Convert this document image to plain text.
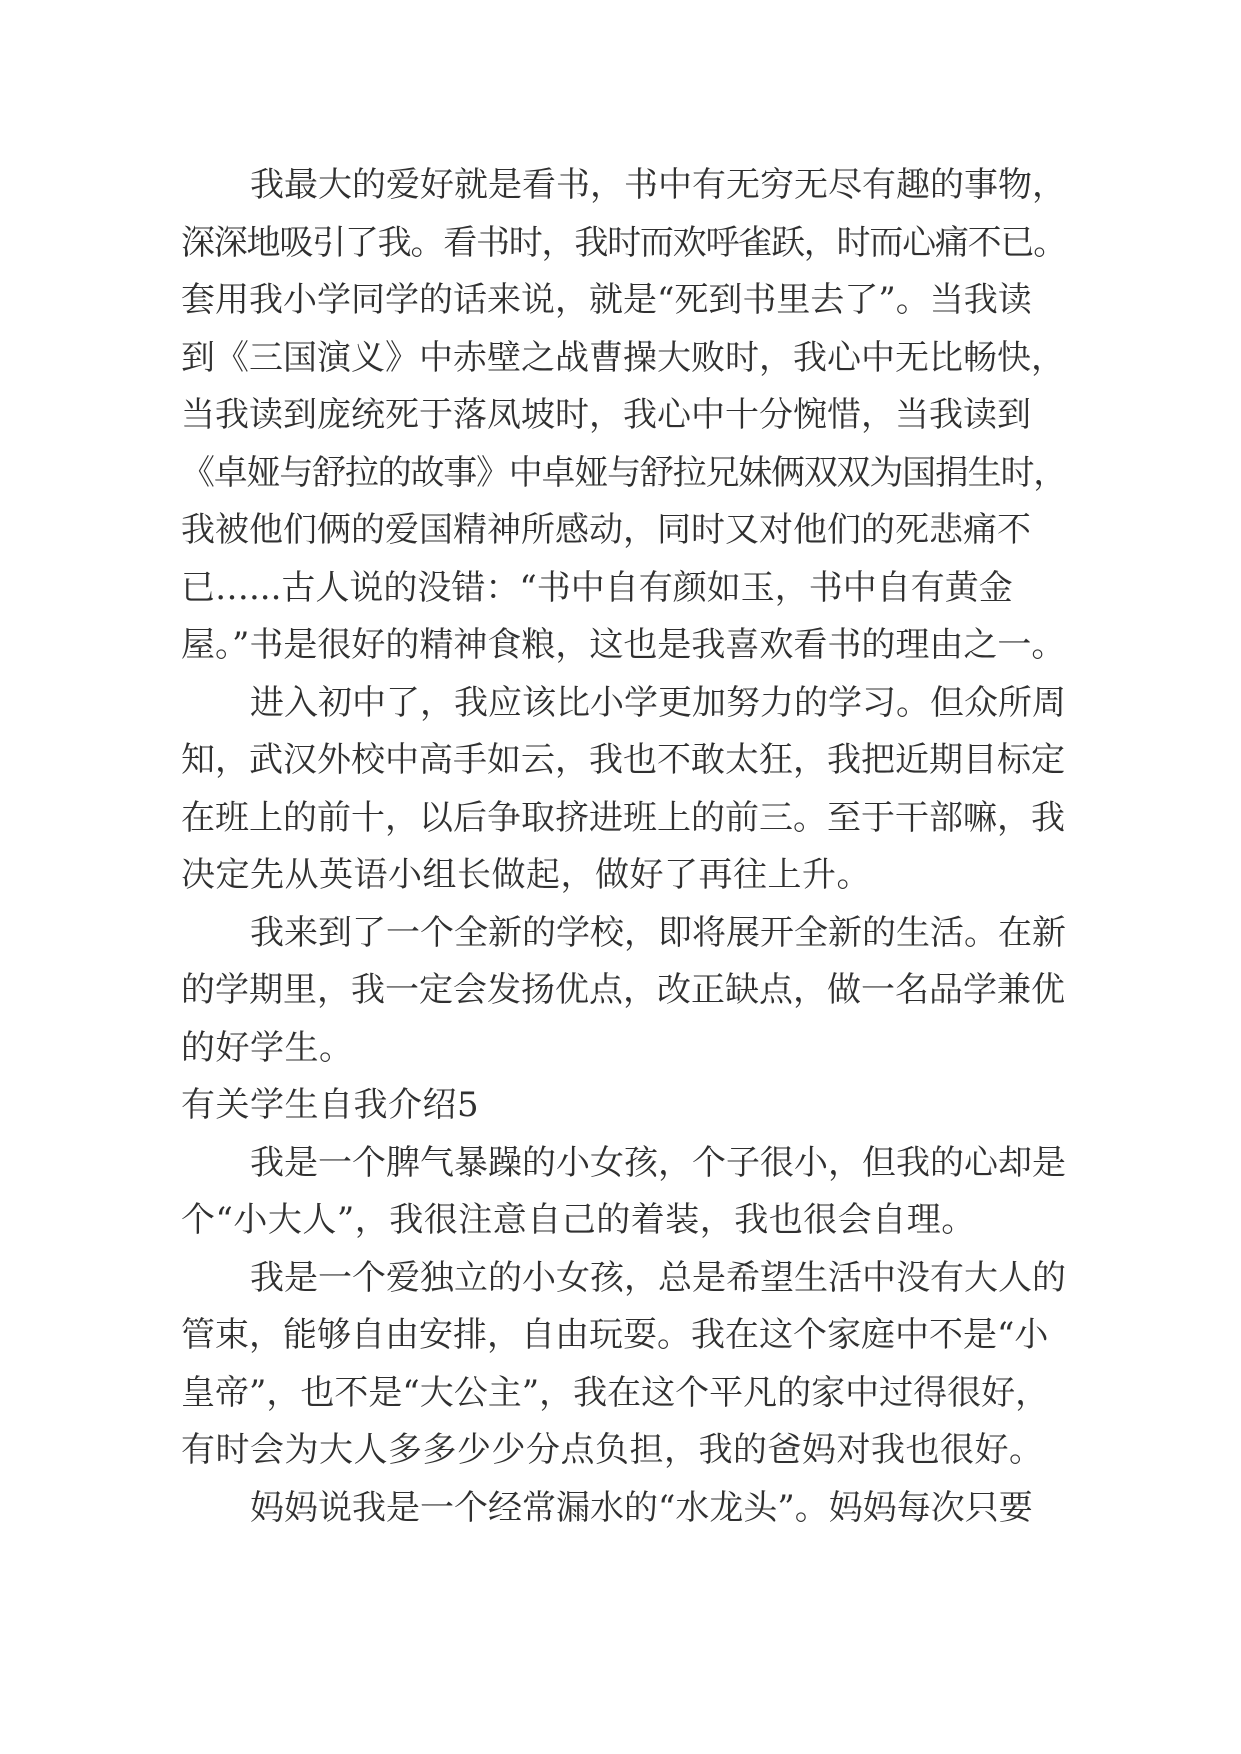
我最大的爱好就是看书，书中有无穷无尽有趣的事物，
深深地吸引了我。看书时，我时而欢呼雀跃，时而心痛不已。
套用我小学同学的话来说，就是“死到书里去了”。当我读
到《三国演义》中赤壁之战曹操大败时，我心中无比畅快，
当我读到庞统死于落凤坡时，我心中十分惋惜，当我读到
《卓娅与舒拉的故事》中卓娅与舒拉兄妹俩双双为国捐生时，
我被他们俩的爱国精神所感动，同时又对他们的死悲痛不
已…...古人说的没错：“书中自有颜如玉，书中自有黄金
屋。”书是很好的精神食粮，这也是我喜欢看书的理由之一。
进入初中了，我应该比小学更加努力的学习。但众所周
知，武汉外校中高手如云，我也不敢太狂，我把近期目标定
在班上的前十，以后争取挤进班上的前三。至于干部嘛，我
决定先从英语小组长做起，做好了再往上升。
我来到了一个全新的学校，即将展开全新的生活。在新
的学期里，我一定会发扬优点，改正缺点，做一名品学兼优
的好学生。
有关学生自我介绍5
我是一个脾气暴躁的小女孩，个子很小，但我的心却是
个“小大人”，我很注意自己的着装，我也很会自理。
我是一个爱独立的小女孩，总是希望生活中没有大人的
管束，能够自由安排，自由玩耍。我在这个家庭中不是“小
皇帝”，也不是“大公主”，我在这个平凡的家中过得很好，
有时会为大人多多少少分点负担，我的爸妈对我也很好。
妈妈说我是一个经常漏水的“水龙头”。妈妈每次只要
